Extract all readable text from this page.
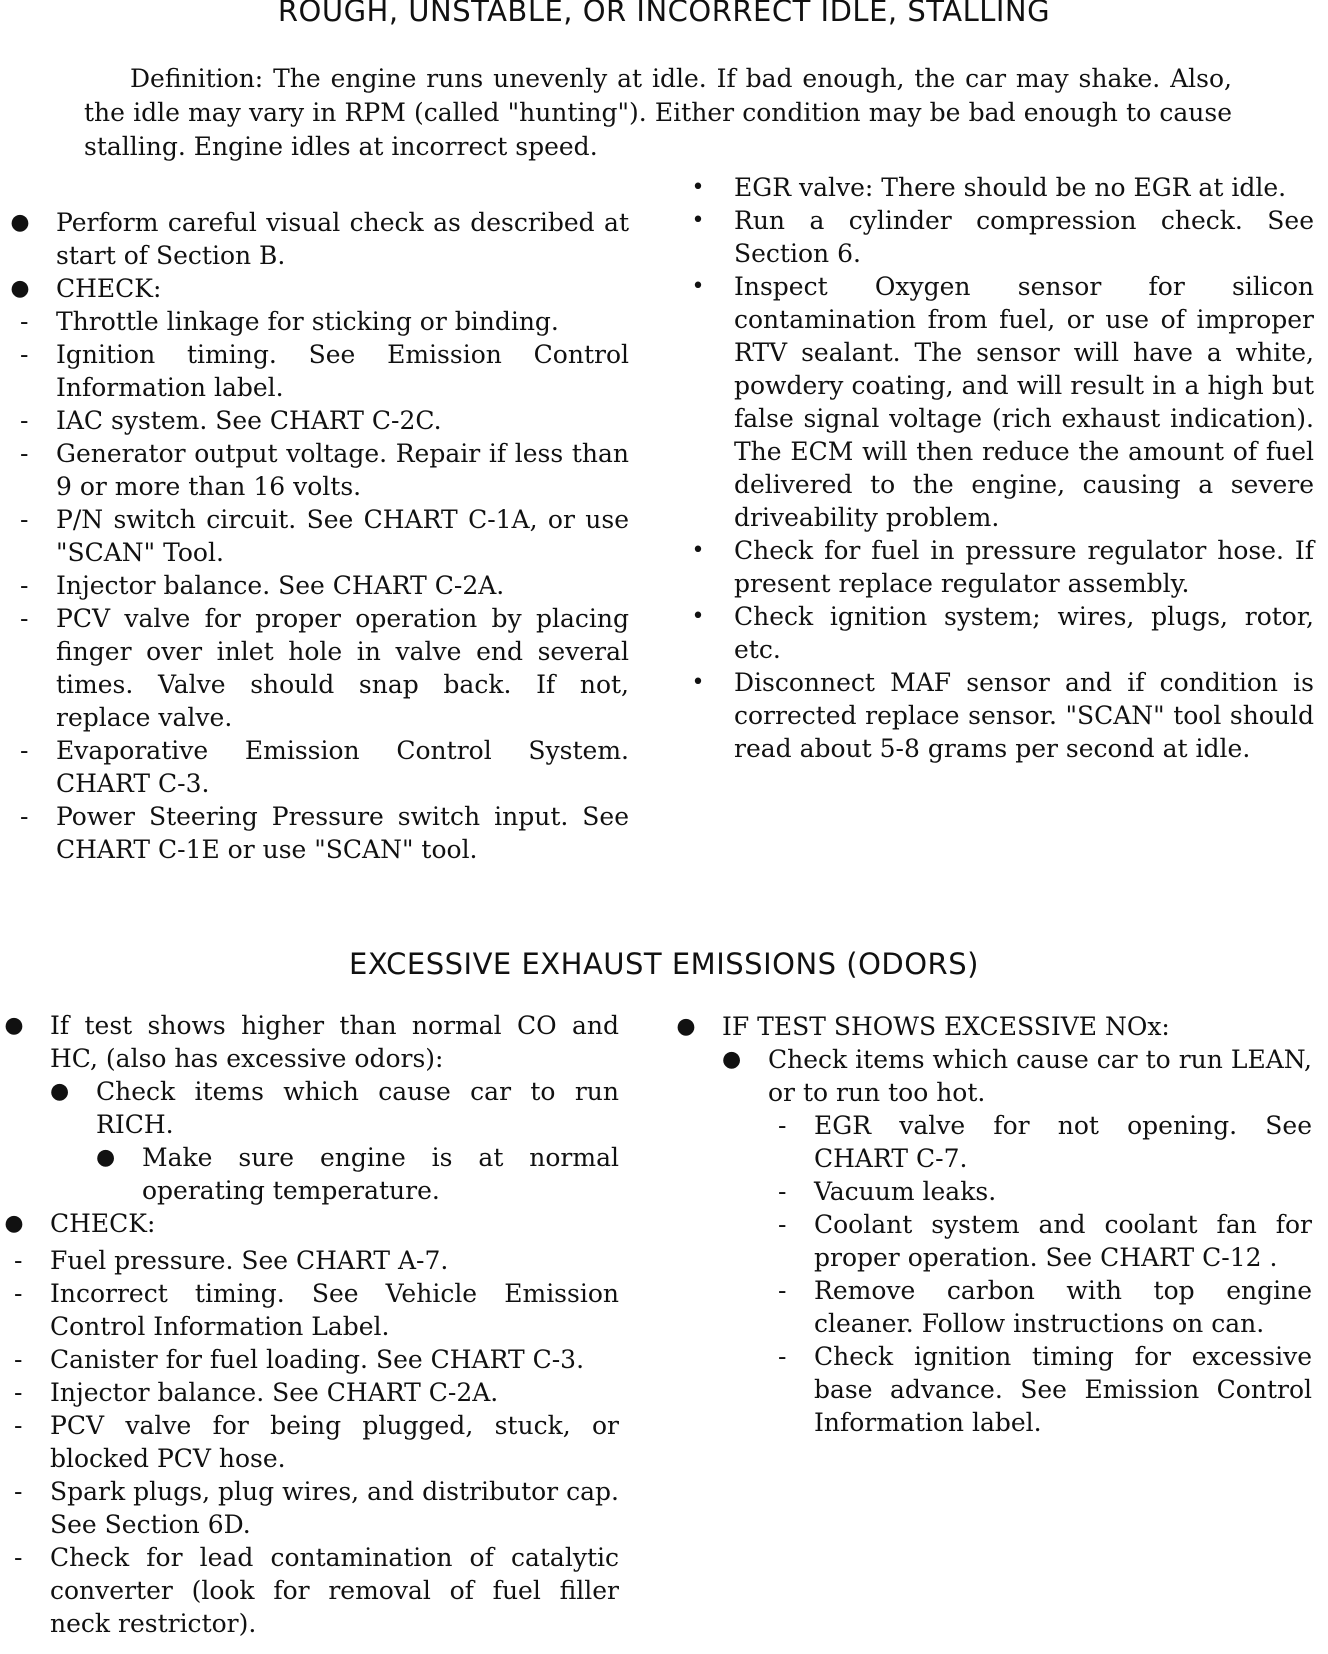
ROUGH, UNSTABLE, OR INCORRECT IDLE, STALLING

Definition: The engine runs unevenly at idle. If bad enough, the car may shake. Also, the idle may vary in RPM (called "hunting"). Either condition may be bad enough to cause stalling. Engine idles at incorrect speed.

● Perform careful visual check as described at start of Section B.
● CHECK:
- Throttle linkage for sticking or binding.
- Ignition timing. See Emission Control Information label.
- IAC system. See CHART C-2C.
- Generator output voltage. Repair if less than 9 or more than 16 volts.
- P/N switch circuit. See CHART C-1A, or use "SCAN" Tool.
- Injector balance. See CHART C-2A.
- PCV valve for proper operation by placing finger over inlet hole in valve end several times. Valve should snap back. If not, replace valve.
- Evaporative Emission Control System. CHART C-3.
- Power Steering Pressure switch input. See CHART C-1E or use "SCAN" tool.
• EGR valve: There should be no EGR at idle.
• Run a cylinder compression check. See Section 6.
• Inspect Oxygen sensor for silicon contamination from fuel, or use of improper RTV sealant. The sensor will have a white, powdery coating, and will result in a high but false signal voltage (rich exhaust indication). The ECM will then reduce the amount of fuel delivered to the engine, causing a severe driveability problem.
• Check for fuel in pressure regulator hose. If present replace regulator assembly.
• Check ignition system; wires, plugs, rotor, etc.
• Disconnect MAF sensor and if condition is corrected replace sensor. "SCAN" tool should read about 5-8 grams per second at idle.
EXCESSIVE EXHAUST EMISSIONS (ODORS)
● If test shows higher than normal CO and HC, (also has excessive odors):
● Check items which cause car to run RICH.
● Make sure engine is at normal operating temperature.
● CHECK:
- Fuel pressure. See CHART A-7.
- Incorrect timing. See Vehicle Emission Control Information Label.
- Canister for fuel loading. See CHART C-3.
- Injector balance. See CHART C-2A.
- PCV valve for being plugged, stuck, or blocked PCV hose.
- Spark plugs, plug wires, and distributor cap. See Section 6D.
- Check for lead contamination of catalytic converter (look for removal of fuel filler neck restrictor).
● IF TEST SHOWS EXCESSIVE NOx:
● Check items which cause car to run LEAN, or to run too hot.
- EGR valve for not opening. See CHART C-7.
- Vacuum leaks.
- Coolant system and coolant fan for proper operation. See CHART C-12 .
- Remove carbon with top engine cleaner. Follow instructions on can.
- Check ignition timing for excessive base advance. See Emission Control Information label.
